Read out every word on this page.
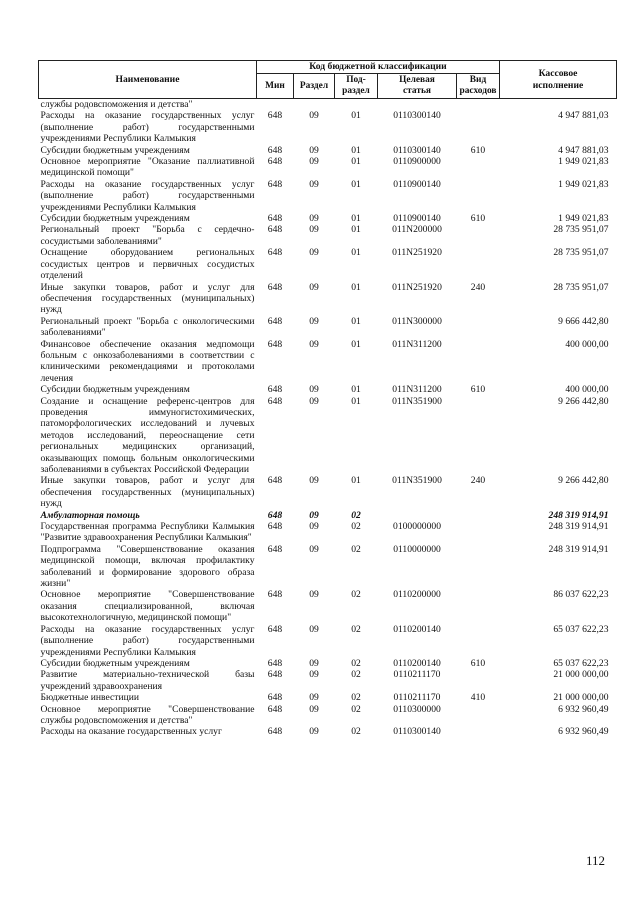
Наименование	Код бюджетной классификации					Кассовое
исполнение
	Мин	Раздел	Под-
раздел	Целевая
статья	Вид
расходов	
службы родовспоможения и детства"						
Расходы на оказание государственных услуг (выполнение работ) государственными учреждениями Республики Калмыкия	648	09	01	0110300140		4 947 881,03
Субсидии бюджетным учреждениям	648	09	01	0110300140	610	4 947 881,03
Основное мероприятие "Оказание паллиативной медицинской помощи"	648	09	01	0110900000		1 949 021,83
Расходы на оказание государственных услуг (выполнение работ) государственными учреждениями Республики Калмыкия	648	09	01	0110900140		1 949 021,83
Субсидии бюджетным учреждениям	648	09	01	0110900140	610	1 949 021,83
Региональный проект "Борьба с сердечно-сосудистыми заболеваниями"	648	09	01	011N200000		28 735 951,07
Оснащение оборудованием региональных сосудистых центров и первичных сосудистых отделений	648	09	01	011N251920		28 735 951,07
Иные закупки товаров, работ и услуг для обеспечения государственных (муниципальных) нужд	648	09	01	011N251920	240	28 735 951,07
Региональный проект "Борьба с онкологическими заболеваниями"	648	09	01	011N300000		9 666 442,80
Финансовое обеспечение оказания медпомощи больным с онкозаболеваниями в соответствии с клиническими рекомендациями и протоколами лечения	648	09	01	011N311200		400 000,00
Субсидии бюджетным учреждениям	648	09	01	011N311200	610	400 000,00
Создание и оснащение референс-центров для проведения иммуногистохимических, патоморфологических исследований и лучевых методов исследований, переоснащение сети региональных медицинских организаций, оказывающих помощь больным онкологическими заболеваниями в субъектах Российской Федерации	648	09	01	011N351900		9 266 442,80
Иные закупки товаров, работ и услуг для обеспечения государственных (муниципальных) нужд	648	09	01	011N351900	240	9 266 442,80
Амбулаторная помощь	648	09	02			248 319 914,91
Государственная программа Республики Калмыкия "Развитие здравоохранения Республики Калмыкия"	648	09	02	0100000000		248 319 914,91
Подпрограмма "Совершенствование оказания медицинской помощи, включая профилактику заболеваний и формирование здорового образа жизни"	648	09	02	0110000000		248 319 914,91
Основное мероприятие "Совершенствование оказания специализированной, включая высокотехнологичную, медицинской помощи"	648	09	02	0110200000		86 037 622,23
Расходы на оказание государственных услуг (выполнение работ) государственными учреждениями Республики Калмыкия	648	09	02	0110200140		65 037 622,23
Субсидии бюджетным учреждениям	648	09	02	0110200140	610	65 037 622,23
Развитие материально-технической базы учреждений здравоохранения	648	09	02	0110211170		21 000 000,00
Бюджетные инвестиции	648	09	02	0110211170	410	21 000 000,00
Основное мероприятие "Совершенствование службы родовспоможения и детства"	648	09	02	0110300000		6 932 960,49
Расходы на оказание государственных услуг	648	09	02	0110300140		6 932 960,49
112
